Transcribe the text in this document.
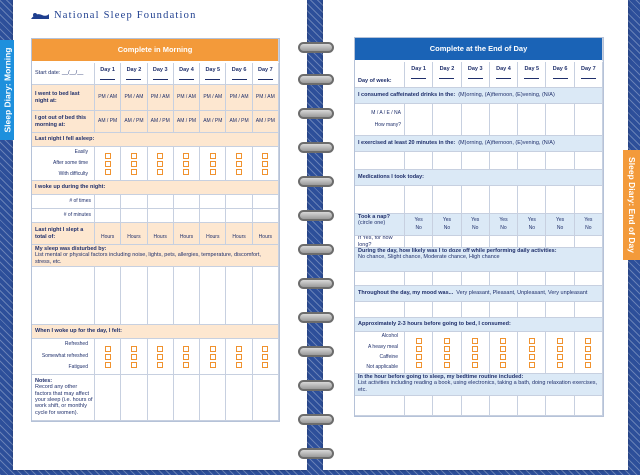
Sleep Diary: Morning
Sleep Diary: End of Day
National Sleep Foundation
Complete in Morning
Start date: __/__/__
Day 1 Day 2 Day 3 Day 4 Day 5 Day 6 Day 7
I went to bed last night at:
PM / AM PM / AM PM / AM PM / AM PM / AM PM / AM PM / AM
I got out of bed this morning at:
AM / PM AM / PM AM / PM AM / PM AM / PM AM / PM AM / PM
Last night I fell asleep:
Easily
After some time
With difficulty
I woke up during the night:
# of times
# of minutes
Last night I slept a total of:	Hours	Hours	Hours	Hours	Hours	Hours	Hours
My sleep was disturbed by:
List mental or physical factors including noise, lights, pets, allergies, temperature, discomfort, stress, etc.
When I woke up for the day, I felt:
Refreshed
Somewhat refreshed
Fatigued
Notes:
Record any other factors that may affect your sleep (i.e. hours of work shift, or monthly cycle for women).
Complete at the End of Day
Day of week:
Day 1 Day 2 Day 3 Day 4 Day 5 Day 6 Day 7
I consumed caffeinated drinks in the: (M)orning, (A)fternoon, (E)vening, (N/A)
M / A / E / NA
How many?
I exercised at least 20 minutes in the: (M)orning, (A)fternoon, (E)vening, (N/A)
Medications I took today:
Took a nap?
(circle one)
Yes
No
Yes
No
Yes
No
Yes
No
Yes
No
Yes
No
Yes
No
If Yes, for how long?
During the day, how likely was I to doze off while performing daily activities:
No chance, Slight chance, Moderate chance, High chance
Throughout the day, my mood was... Very pleasant, Pleasant, Unpleasant, Very unpleasant
Approximately 2-3 hours before going to bed, I consumed:
Alcohol
A heavy meal
Caffeine
Not applicable
In the hour before going to sleep, my bedtime routine included:
List activities including reading a book, using electronics, taking a bath, doing relaxation exercises, etc.
